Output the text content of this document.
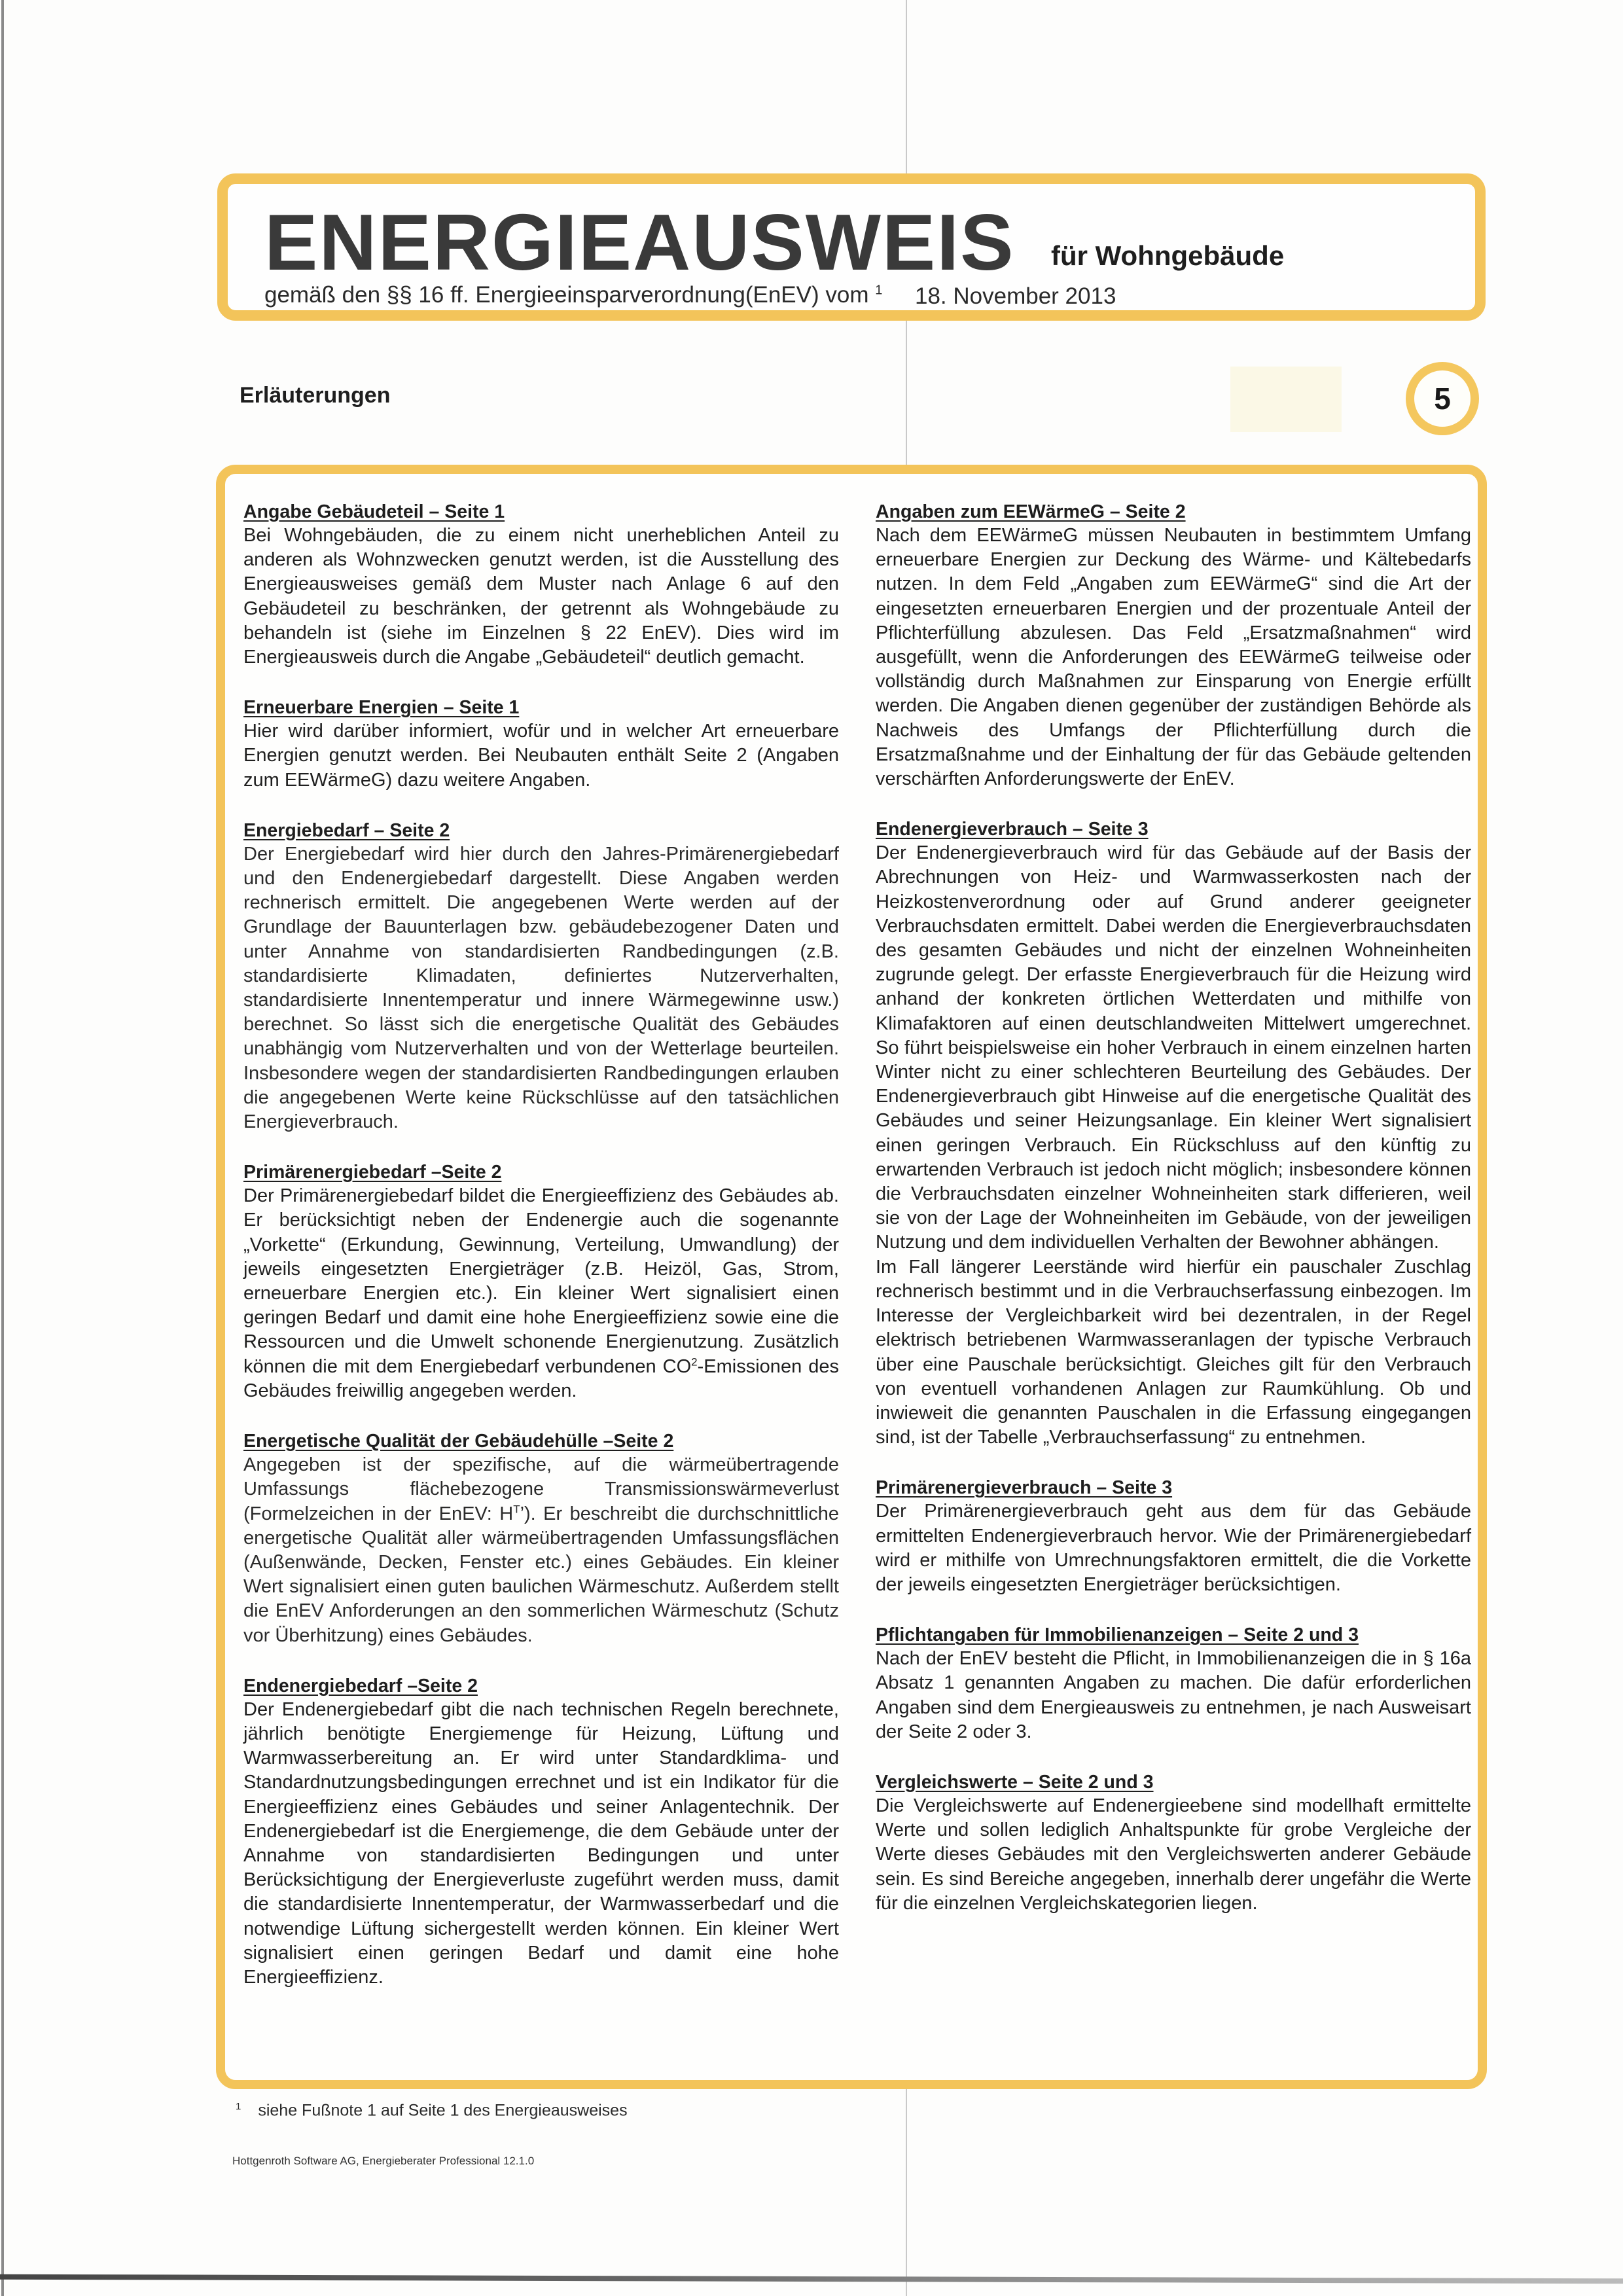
ENERGIEAUSWEIS für Wohngebäude
gemäß den §§ 16 ff. Energieeinsparverordnung(EnEV) vom $^1$ 18. November 2013
Erläuterungen	5
Angabe Gebäudeteil – Seite 1

Bei Wohngebäuden, die zu einem nicht unerheblichen Anteil zu anderen als Wohnzwecken genutzt werden, ist die Ausstellung des Energieausweises gemäß dem Muster nach Anlage 6 auf den Gebäudeteil zu beschränken, der getrennt als Wohngebäude zu behandeln ist (siehe im Einzelnen § 22 EnEV). Dies wird im Energieausweis durch die Angabe „Gebäudeteil“ deutlich gemacht.

Erneuerbare Energien – Seite 1

Hier wird darüber informiert, wofür und in welcher Art erneuerbare Energien genutzt werden. Bei Neubauten enthält Seite 2 (Angaben zum EEWärmeG) dazu weitere Angaben.

Energiebedarf – Seite 2

Der Energiebedarf wird hier durch den Jahres-Primärenergiebedarf und den Endenergiebedarf dargestellt. Diese Angaben werden rechnerisch ermittelt. Die angegebenen Werte werden auf der Grundlage der Bauunterlagen bzw. gebäudebezogener Daten und unter Annahme von standardisierten Randbedingungen (z.B. standardisierte Klimadaten, definiertes Nutzerverhalten, standardisierte Innentemperatur und innere Wärmegewinne usw.) berechnet. So lässt sich die energetische Qualität des Gebäudes unabhängig vom Nutzerverhalten und von der Wetterlage beurteilen. Insbesondere wegen der standardisierten Randbedingungen erlauben die angegebenen Werte keine Rückschlüsse auf den tatsächlichen Energieverbrauch.

Primärenergiebedarf –Seite 2

Der Primärenergiebedarf bildet die Energieeffizienz des Gebäudes ab. Er berücksichtigt neben der Endenergie auch die sogenannte „Vorkette“ (Erkundung, Gewinnung, Verteilung, Umwandlung) der jeweils eingesetzten Energieträger (z.B. Heizöl, Gas, Strom, erneuerbare Energien etc.). Ein kleiner Wert signalisiert einen geringen Bedarf und damit eine hohe Energieeffizienz sowie eine die Ressourcen und die Umwelt schonende Energienutzung. Zusätzlich können die mit dem Energiebedarf verbundenen $CO^2$-Emissionen des Gebäudes freiwillig angegeben werden.

Energetische Qualität der Gebäudehülle –Seite 2

Angegeben ist der spezifische, auf die wärmeübertragende Umfassungs flächebezogene Transmissionswärmeverlust (Formelzeichen in der EnEV: $H^T$’). Er beschreibt die durchschnittliche energetische Qualität aller wärmeübertragenden Umfassungsflächen (Außenwände, Decken, Fenster etc.) eines Gebäudes. Ein kleiner Wert signalisiert einen guten baulichen Wärmeschutz. Außerdem stellt die EnEV Anforderungen an den sommerlichen Wärmeschutz (Schutz vor Überhitzung) eines Gebäudes.

Endenergiebedarf –Seite 2

Der Endenergiebedarf gibt die nach technischen Regeln berechnete, jährlich benötigte Energiemenge für Heizung, Lüftung und Warmwasserbereitung an. Er wird unter Standardklima- und Standardnutzungsbedingungen errechnet und ist ein Indikator für die Energieeffizienz eines Gebäudes und seiner Anlagentechnik. Der Endenergiebedarf ist die Energiemenge, die dem Gebäude unter der Annahme von standardisierten Bedingungen und unter Berücksichtigung der Energieverluste zugeführt werden muss, damit die standardisierte Innentemperatur, der Warmwasserbedarf und die notwendige Lüftung sichergestellt werden können. Ein kleiner Wert signalisiert einen geringen Bedarf und damit eine hohe Energieeffizienz.

Angaben zum EEWärmeG – Seite 2

Nach dem EEWärmeG müssen Neubauten in bestimmtem Umfang erneuerbare Energien zur Deckung des Wärme- und Kältebedarfs nutzen. In dem Feld „Angaben zum EEWärmeG“ sind die Art der eingesetzten erneuerbaren Energien und der prozentuale Anteil der Pflichterfüllung abzulesen. Das Feld „Ersatzmaßnahmen“ wird ausgefüllt, wenn die Anforderungen des EEWärmeG teilweise oder vollständig durch Maßnahmen zur Einsparung von Energie erfüllt werden. Die Angaben dienen gegenüber der zuständigen Behörde als Nachweis des Umfangs der Pflichterfüllung durch die Ersatzmaßnahme und der Einhaltung der für das Gebäude geltenden verschärften Anforderungswerte der EnEV.

Endenergieverbrauch – Seite 3

Der Endenergieverbrauch wird für das Gebäude auf der Basis der Abrechnungen von Heiz- und Warmwasserkosten nach der Heizkostenverordnung oder auf Grund anderer geeigneter Verbrauchsdaten ermittelt. Dabei werden die Energieverbrauchsdaten des gesamten Gebäudes und nicht der einzelnen Wohneinheiten zugrunde gelegt. Der erfasste Energieverbrauch für die Heizung wird anhand der konkreten örtlichen Wetterdaten und mithilfe von Klimafaktoren auf einen deutschlandweiten Mittelwert umgerechnet. So führt beispielsweise ein hoher Verbrauch in einem einzelnen harten Winter nicht zu einer schlechteren Beurteilung des Gebäudes. Der Endenergieverbrauch gibt Hinweise auf die energetische Qualität des Gebäudes und seiner Heizungsanlage. Ein kleiner Wert signalisiert einen geringen Verbrauch. Ein Rückschluss auf den künftig zu erwartenden Verbrauch ist jedoch nicht möglich; insbesondere können die Verbrauchsdaten einzelner Wohneinheiten stark differieren, weil sie von der Lage der Wohneinheiten im Gebäude, von der jeweiligen Nutzung und dem individuellen Verhalten der Bewohner abhängen.

Im Fall längerer Leerstände wird hierfür ein pauschaler Zuschlag rechnerisch bestimmt und in die Verbrauchserfassung einbezogen. Im Interesse der Vergleichbarkeit wird bei dezentralen, in der Regel elektrisch betriebenen Warmwasseranlagen der typische Verbrauch über eine Pauschale berücksichtigt. Gleiches gilt für den Verbrauch von eventuell vorhandenen Anlagen zur Raumkühlung. Ob und inwieweit die genannten Pauschalen in die Erfassung eingegangen sind, ist der Tabelle „Verbrauchserfassung“ zu entnehmen.

Primärenergieverbrauch – Seite 3

Der Primärenergieverbrauch geht aus dem für das Gebäude ermittelten Endenergieverbrauch hervor. Wie der Primärenergiebedarf wird er mithilfe von Umrechnungsfaktoren ermittelt, die die Vorkette der jeweils eingesetzten Energieträger berücksichtigen.

Pflichtangaben für Immobilienanzeigen – Seite 2 und 3

Nach der EnEV besteht die Pflicht, in Immobilienanzeigen die in § 16a Absatz 1 genannten Angaben zu machen. Die dafür erforderlichen Angaben sind dem Energieausweis zu entnehmen, je nach Ausweisart der Seite 2 oder 3.

Vergleichswerte – Seite 2 und 3

Die Vergleichswerte auf Endenergieebene sind modellhaft ermittelte Werte und sollen lediglich Anhaltspunkte für grobe Vergleiche der Werte dieses Gebäudes mit den Vergleichswerten anderer Gebäude sein. Es sind Bereiche angegeben, innerhalb derer ungefähr die Werte für die einzelnen Vergleichskategorien liegen.

$^1$ siehe Fußnote 1 auf Seite 1 des Energieausweises
Hottgenroth Software AG, Energieberater Professional 12.1.0
